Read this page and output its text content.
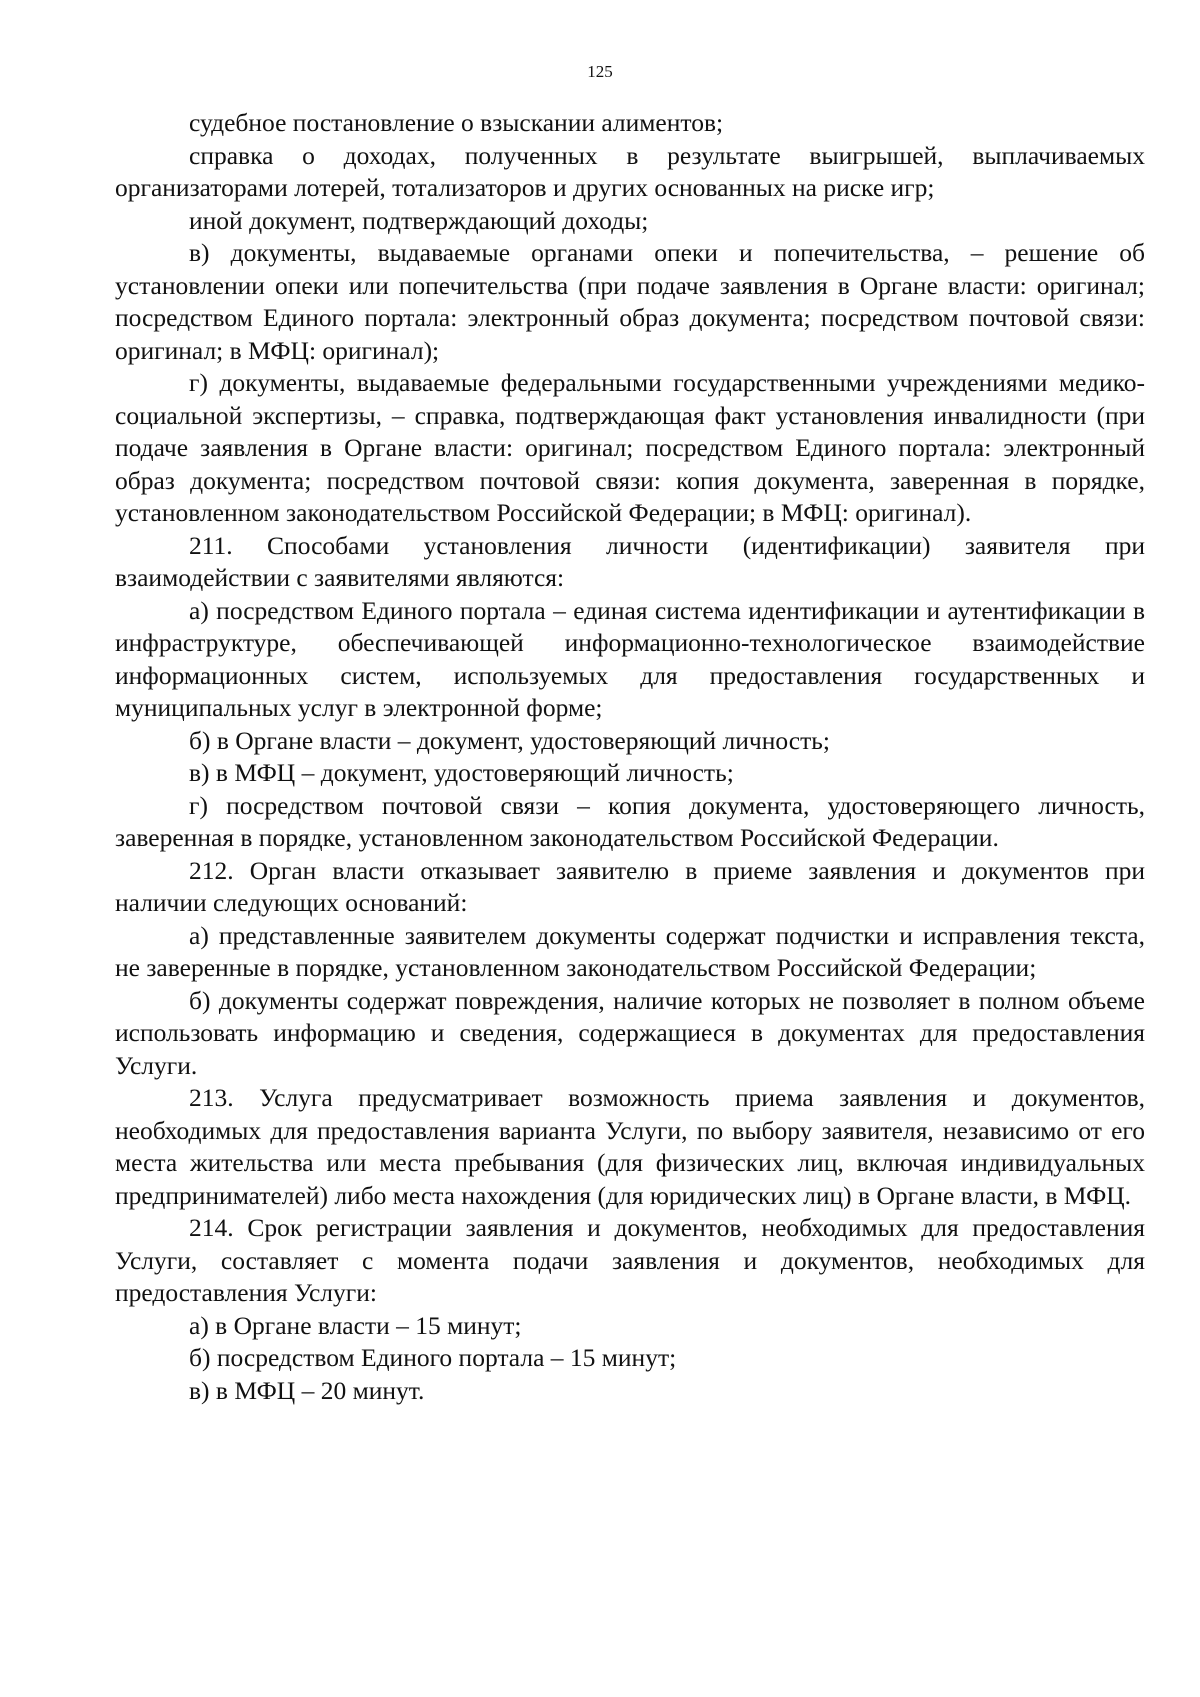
125

судебное постановление о взыскании алиментов;

справка о доходах, полученных в результате выигрышей, выплачиваемых организаторами лотерей, тотализаторов и других основанных на риске игр;

иной документ, подтверждающий доходы;

в) документы, выдаваемые органами опеки и попечительства, – решение об установлении опеки или попечительства (при подаче заявления в Органе власти: оригинал; посредством Единого портала: электронный образ документа; посредством почтовой связи: оригинал; в МФЦ: оригинал);

г) документы, выдаваемые федеральными государственными учреждениями медико-социальной экспертизы, – справка, подтверждающая факт установления инвалидности (при подаче заявления в Органе власти: оригинал; посредством Единого портала: электронный образ документа; посредством почтовой связи: копия документа, заверенная в порядке, установленном законодательством Российской Федерации; в МФЦ: оригинал).

211. Способами установления личности (идентификации) заявителя при взаимодействии с заявителями являются:

а) посредством Единого портала – единая система идентификации и аутентификации в инфраструктуре, обеспечивающей информационно-технологическое взаимодействие информационных систем, используемых для предоставления государственных и муниципальных услуг в электронной форме;

б) в Органе власти – документ, удостоверяющий личность;

в) в МФЦ – документ, удостоверяющий личность;

г) посредством почтовой связи – копия документа, удостоверяющего личность, заверенная в порядке, установленном законодательством Российской Федерации.

212. Орган власти отказывает заявителю в приеме заявления и документов при наличии следующих оснований:

а) представленные заявителем документы содержат подчистки и исправления текста, не заверенные в порядке, установленном законодательством Российской Федерации;

б) документы содержат повреждения, наличие которых не позволяет в полном объеме использовать информацию и сведения, содержащиеся в документах для предоставления Услуги.

213. Услуга предусматривает возможность приема заявления и документов, необходимых для предоставления варианта Услуги, по выбору заявителя, независимо от его места жительства или места пребывания (для физических лиц, включая индивидуальных предпринимателей) либо места нахождения (для юридических лиц) в Органе власти, в МФЦ.

214. Срок регистрации заявления и документов, необходимых для предоставления Услуги, составляет с момента подачи заявления и документов, необходимых для предоставления Услуги:

а) в Органе власти – 15 минут;

б) посредством Единого портала – 15 минут;

в) в МФЦ – 20 минут.
